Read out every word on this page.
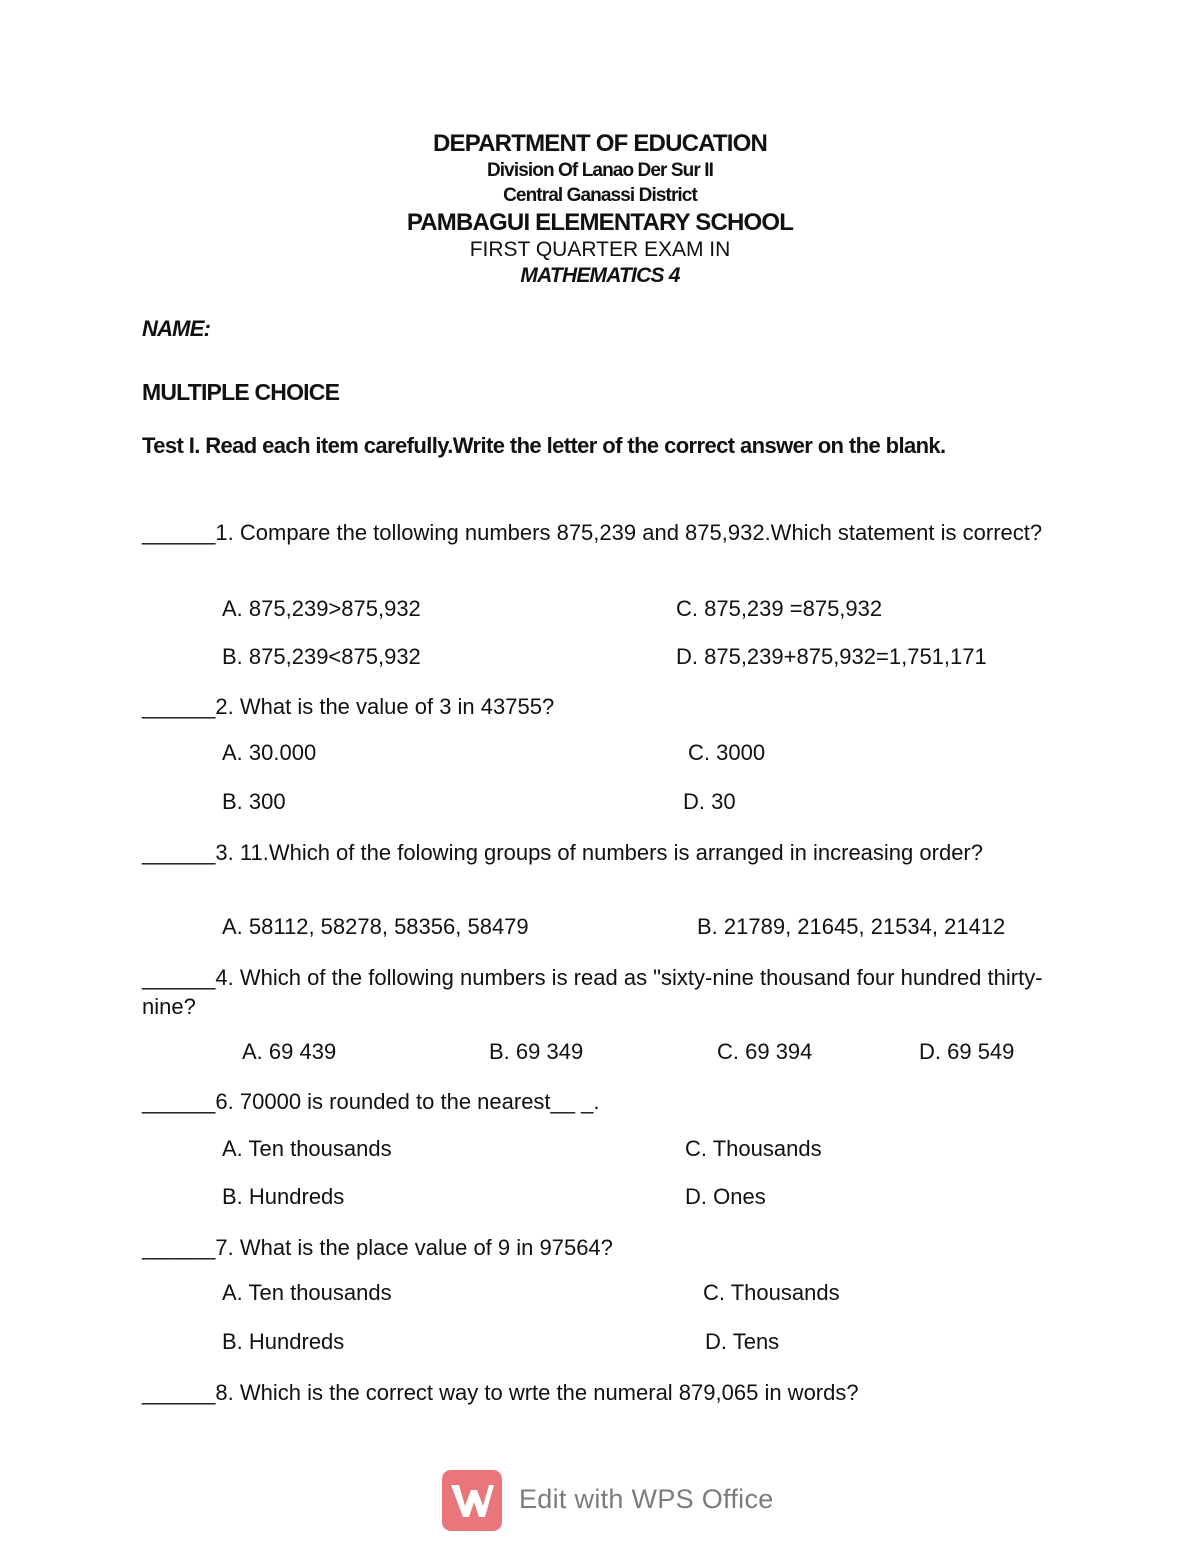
DEPARTMENT OF EDUCATION
Division Of Lanao Der Sur II
Central Ganassi District
PAMBAGUI ELEMENTARY SCHOOL
FIRST QUARTER EXAM IN
MATHEMATICS 4
NAME:
MULTIPLE CHOICE
Test I. Read each item carefully.Write the letter of the correct answer on the blank.
______1. Compare the tollowing numbers 875,239 and 875,932.Which statement is correct?
A. 875,239>875,932	C. 875,239 =875,932
B. 875,239<875,932	D. 875,239+875,932=1,751,171
______2. What is the value of 3 in 43755?
A. 30.000	C. 3000
B. 300	D. 30
______3. 11.Which of the folowing groups of numbers is arranged in increasing order?
A. 58112, 58278, 58356, 58479	B. 21789, 21645, 21534, 21412
______4. Which of the following numbers is read as "sixty-nine thousand four hundred thirty-nine?
A. 69 439	B. 69 349	C. 69 394	D. 69 549
______6. 70000 is rounded to the nearest__ _.
A. Ten thousands	C. Thousands
B. Hundreds	D. Ones
______7. What is the place value of 9 in 97564?
A. Ten thousands	C. Thousands
B. Hundreds	D. Tens
______8. Which is the correct way to wrte the numeral 879,065 in words?
Edit with WPS Office
